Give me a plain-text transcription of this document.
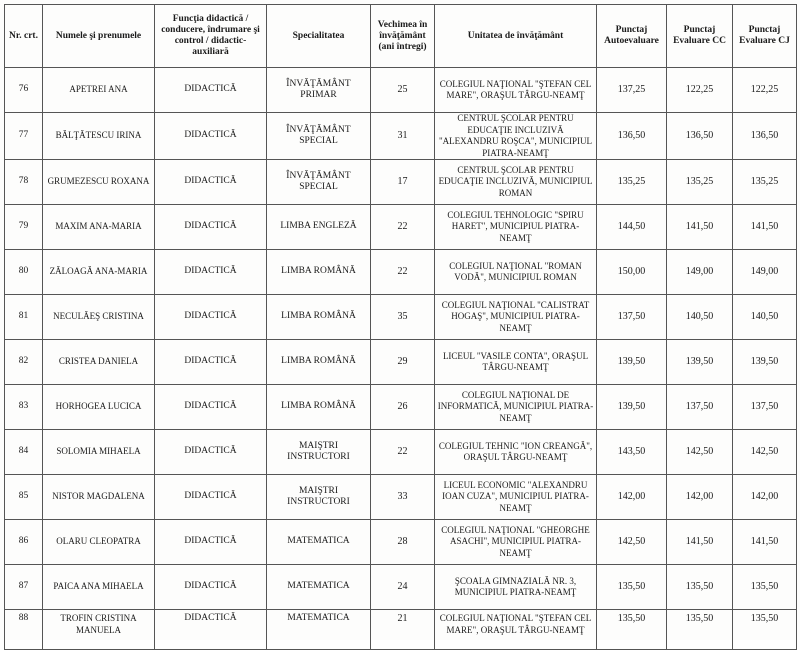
Nr. crt.	Numele şi prenumele	Funcţia didactică / conducere, îndrumare şi control / didactic-auxiliară	Specialitatea	Vechimea în învăţământ (ani întregi)	Unitatea de învăţământ	Punctaj Autoevaluare	Punctaj Evaluare CC	Punctaj Evaluare CJ
76	APETREI ANA	DIDACTICĂ	ÎNVĂŢĂMÂNT PRIMAR	25	COLEGIUL NAŢIONAL "ŞTEFAN CEL MARE", ORAŞUL TÂRGU-NEAMŢ	137,25	122,25	122,25
77	BĂLŢĂTESCU IRINA	DIDACTICĂ	ÎNVĂŢĂMÂNT SPECIAL	31	CENTRUL ŞCOLAR PENTRU EDUCAŢIE INCLUZIVĂ "ALEXANDRU ROŞCA", MUNICIPIUL PIATRA-NEAMŢ	136,50	136,50	136,50
78	GRUMEZESCU ROXANA	DIDACTICĂ	ÎNVĂŢĂMÂNT SPECIAL	17	CENTRUL ŞCOLAR PENTRU EDUCAŢIE INCLUZIVĂ, MUNICIPIUL ROMAN	135,25	135,25	135,25
79	MAXIM ANA-MARIA	DIDACTICĂ	LIMBA ENGLEZĂ	22	COLEGIUL TEHNOLOGIC "SPIRU HARET", MUNICIPIUL PIATRA-NEAMŢ	144,50	141,50	141,50
80	ZĂLOAGĂ ANA-MARIA	DIDACTICĂ	LIMBA ROMÂNĂ	22	COLEGIUL NAŢIONAL "ROMAN VODĂ", MUNICIPIUL ROMAN	150,00	149,00	149,00
81	NECULĂEŞ CRISTINA	DIDACTICĂ	LIMBA ROMÂNĂ	35	COLEGIUL NAŢIONAL "CALISTRAT HOGAŞ", MUNICIPIUL PIATRA-NEAMŢ	137,50	140,50	140,50
82	CRISTEA DANIELA	DIDACTICĂ	LIMBA ROMÂNĂ	29	LICEUL "VASILE CONTA", ORAŞUL TÂRGU-NEAMŢ	139,50	139,50	139,50
83	HORHOGEA LUCICA	DIDACTICĂ	LIMBA ROMÂNĂ	26	COLEGIUL NAŢIONAL DE INFORMATICĂ, MUNICIPIUL PIATRA-NEAMŢ	139,50	137,50	137,50
84	SOLOMIA MIHAELA	DIDACTICĂ	MAIŞTRI INSTRUCTORI	22	COLEGIUL TEHNIC "ION CREANGĂ", ORAŞUL TÂRGU-NEAMŢ	143,50	142,50	142,50
85	NISTOR MAGDALENA	DIDACTICĂ	MAIŞTRI INSTRUCTORI	33	LICEUL ECONOMIC "ALEXANDRU IOAN CUZA", MUNICIPIUL PIATRA-NEAMŢ	142,00	142,00	142,00
86	OLARU CLEOPATRA	DIDACTICĂ	MATEMATICA	28	COLEGIUL NAŢIONAL "GHEORGHE ASACHI", MUNICIPIUL PIATRA-NEAMŢ	142,50	141,50	141,50
87	PAICA ANA MIHAELA	DIDACTICĂ	MATEMATICA	24	ŞCOALA GIMNAZIALĂ NR. 3, MUNICIPIUL PIATRA-NEAMŢ	135,50	135,50	135,50
88	TROFIN CRISTINA MANUELA	DIDACTICĂ	MATEMATICA	21	COLEGIUL NAŢIONAL "ŞTEFAN CEL MARE", ORAŞUL TÂRGU-NEAMŢ	135,50	135,50	135,50
